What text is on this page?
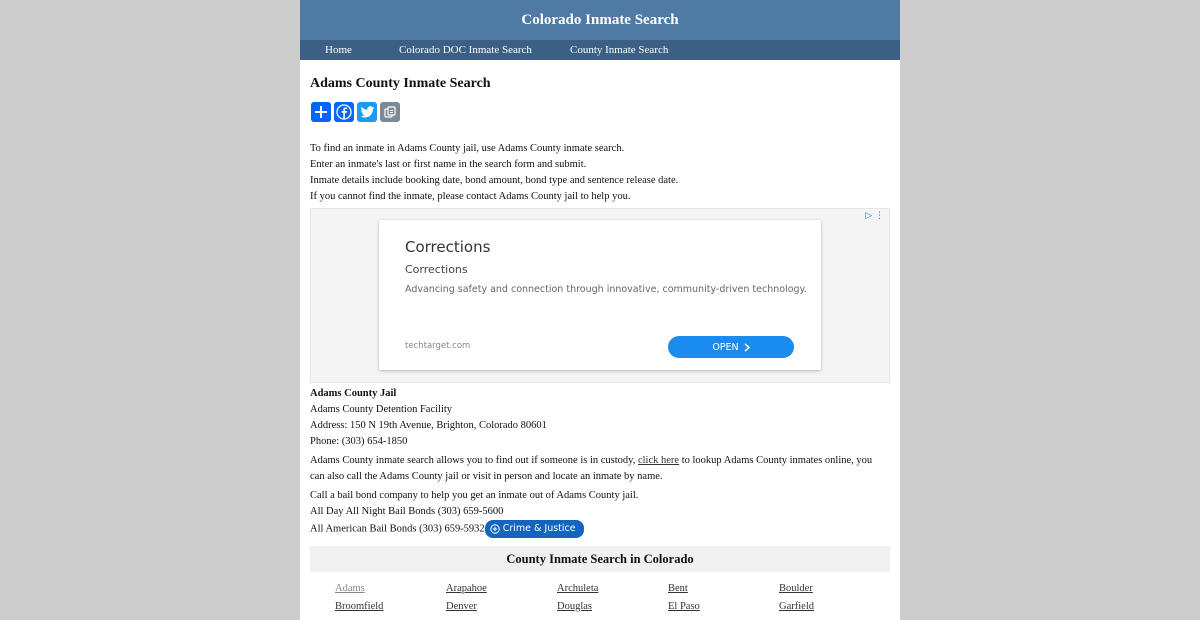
Colorado Inmate Search
Home	Colorado DOC Inmate Search	County Inmate Search
Adams County Inmate Search

To find an inmate in Adams County jail, use Adams County inmate search.

Enter an inmate's last or first name in the search form and submit.

Inmate details include booking date, bond amount, bond type and sentence release date.

If you cannot find the inmate, please contact Adams County jail to help you.

▷ ⋮
Corrections
Corrections
Advancing safety and connection through innovative, community-driven technology.
techtarget.com	OPEN

Adams County Jail

Adams County Detention Facility

Address: 150 N 19th Avenue, Brighton, Colorado 80601

Phone: (303) 654-1850

Adams County inmate search allows you to find out if someone is in custody, click here to lookup Adams County inmates online, you can also call the Adams County jail or visit in person and locate an inmate by name.

Call a bail bond company to help you get an inmate out of Adams County jail.

All Day All Night Bail Bonds (303) 659-5600

All American Bail Bonds (303) 659-5932 Crime & Justice

County Inmate Search in Colorado
Adams	Arapahoe	Archuleta	Bent	Boulder
Broomfield	Denver	Douglas	El Paso	Garfield
